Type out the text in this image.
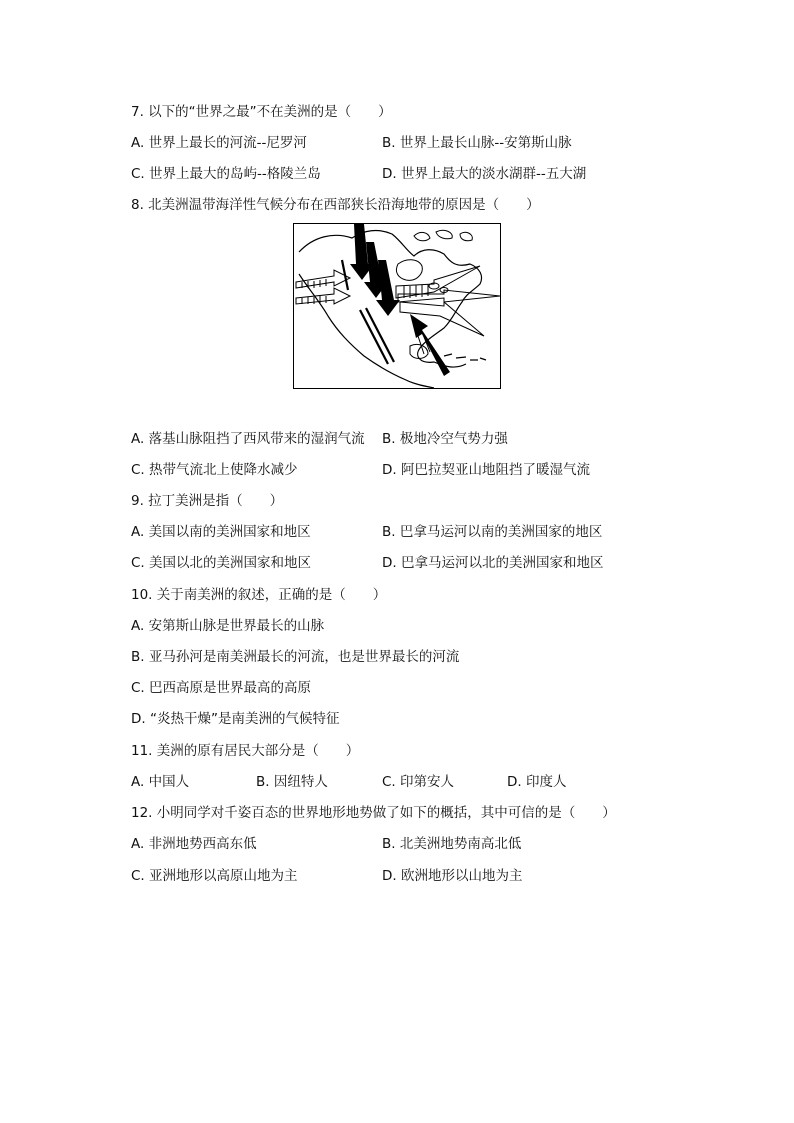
7. 以下的“世界之最”不在美洲的是（　　）
A. 世界上最长的河流--尼罗河	B. 世界上最长山脉--安第斯山脉
C. 世界上最大的岛屿--格陵兰岛	D. 世界上最大的淡水湖群--五大湖
8. 北美洲温带海洋性气候分布在西部狭长沿海地带的原因是（　　）
A. 落基山脉阻挡了西风带来的湿润气流 B. 极地冷空气势力强
C. 热带气流北上使降水减少	D. 阿巴拉契亚山地阻挡了暖湿气流
9. 拉丁美洲是指（　　）
A. 美国以南的美洲国家和地区	B. 巴拿马运河以南的美洲国家的地区
C. 美国以北的美洲国家和地区	D. 巴拿马运河以北的美洲国家和地区
10. 关于南美洲的叙述，正确的是（　　）
A. 安第斯山脉是世界最长的山脉
B. 亚马孙河是南美洲最长的河流，也是世界最长的河流
C. 巴西高原是世界最高的高原
D. “炎热干燥”是南美洲的气候特征
11. 美洲的原有居民大部分是（　　）
A. 中国人	B. 因纽特人	C. 印第安人	D. 印度人
12. 小明同学对千姿百态的世界地形地势做了如下的概括，其中可信的是（　　）
A. 非洲地势西高东低	B. 北美洲地势南高北低
C. 亚洲地形以高原山地为主	D. 欧洲地形以山地为主
